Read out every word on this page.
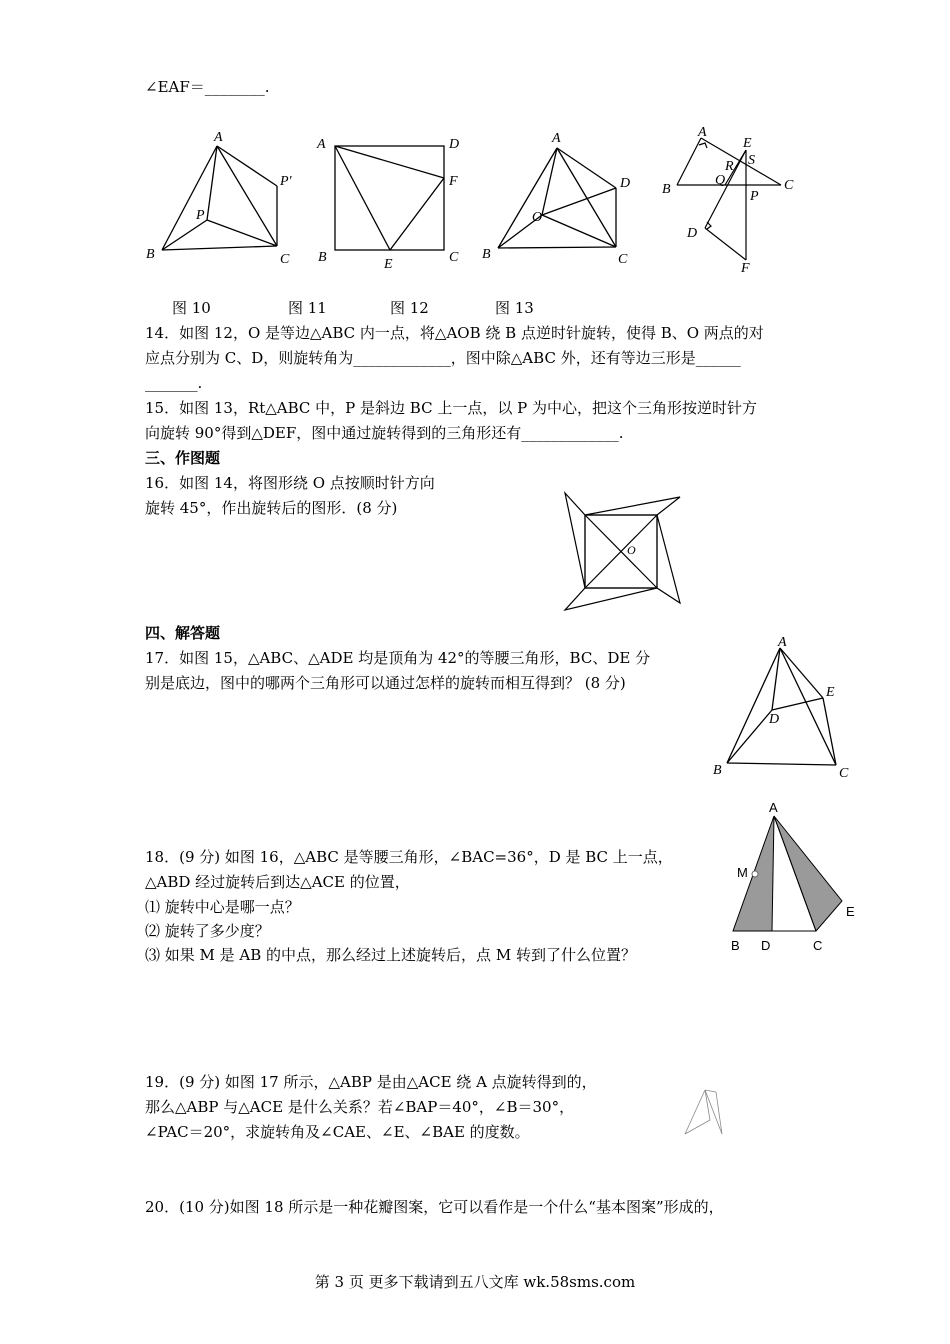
∠EAF＝________.
A
P'
P
B	C
A	D
F
B	E	C
A
D
O
B	C
A
E
R S
Q
B	P
C
D
F
图 10	图 11	图 12	图 13
14．如图 12，O 是等边△ABC 内一点，将△AOB 绕 B 点逆时针旋转，使得 B、O 两点的对
应点分别为 C、D，则旋转角为_____________，图中除△ABC 外，还有等边三形是______
_______.
15．如图 13，Rt△ABC 中，P 是斜边 BC 上一点，以 P 为中心，把这个三角形按逆时针方
向旋转 90°得到△DEF，图中通过旋转得到的三角形还有_____________.
三、作图题
16．如图 14，将图形绕 O 点按顺时针方向
旋转 45°，作出旋转后的图形．(8 分)
O
四、解答题
17．如图 15，△ABC、△ADE 均是顶角为 42°的等腰三角形，BC、DE 分
别是底边，图中的哪两个三角形可以通过怎样的旋转而相互得到？ (8 分)
A
E
D
B	C
18．(9 分) 如图 16，△ABC 是等腰三角形，∠BAC=36°，D 是 BC 上一点，
△ABD 经过旋转后到达△ACE 的位置，
⑴ 旋转中心是哪一点？
⑵ 旋转了多少度？
⑶ 如果 M 是 AB 的中点，那么经过上述旋转后，点 M 转到了什么位置？
A
M
E
B D	C
19．(9 分) 如图 17 所示，△ABP 是由△ACE 绕 A 点旋转得到的，
那么△ABP 与△ACE 是什么关系？若∠BAP＝40°，∠B＝30°，
∠PAC＝20°，求旋转角及∠CAE、∠E、∠BAE 的度数。
20．(10 分)如图 18 所示是一种花瓣图案，它可以看作是一个什么“基本图案”形成的，
第 3 页 更多下载请到五八文库 wk.58sms.com
